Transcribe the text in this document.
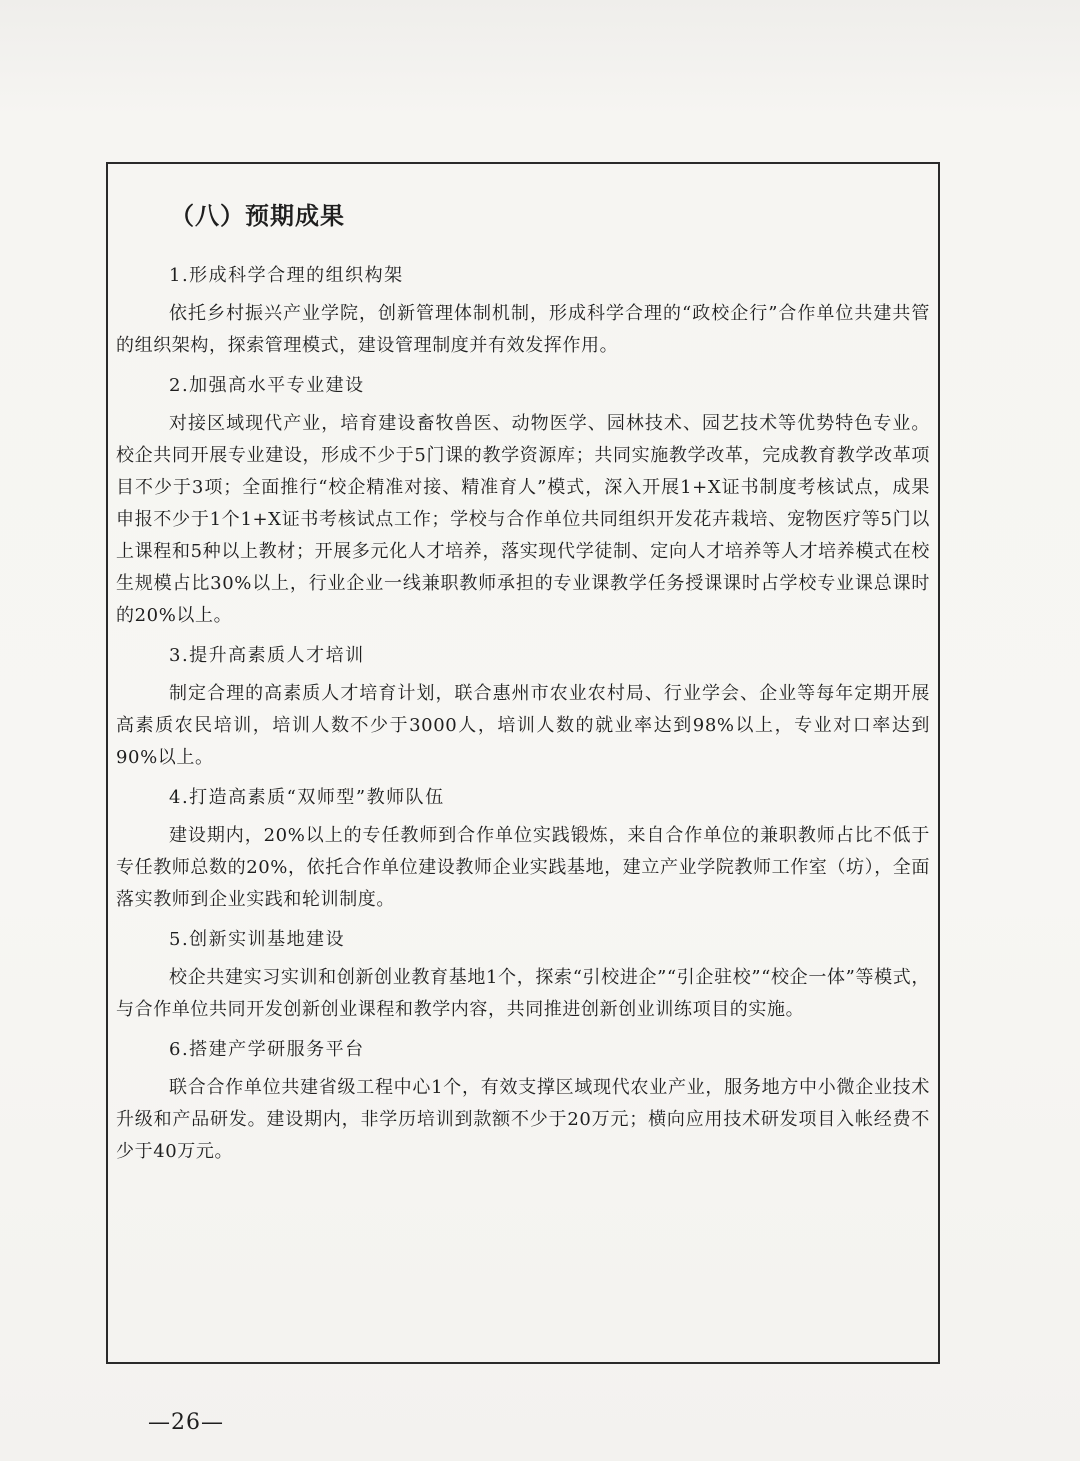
（八）预期成果
1.形成科学合理的组织构架
依托乡村振兴产业学院，创新管理体制机制，形成科学合理的“政校企行”合作单位共建共管的组织架构，探索管理模式，建设管理制度并有效发挥作用。
2.加强高水平专业建设
对接区域现代产业，培育建设畜牧兽医、动物医学、园林技术、园艺技术等优势特色专业。校企共同开展专业建设，形成不少于5门课的教学资源库；共同实施教学改革，完成教育教学改革项目不少于3项；全面推行“校企精准对接、精准育人”模式，深入开展1+X证书制度考核试点，成果申报不少于1个1+X证书考核试点工作；学校与合作单位共同组织开发花卉栽培、宠物医疗等5门以上课程和5种以上教材；开展多元化人才培养，落实现代学徒制、定向人才培养等人才培养模式在校生规模占比30%以上，行业企业一线兼职教师承担的专业课教学任务授课课时占学校专业课总课时的20%以上。
3.提升高素质人才培训
制定合理的高素质人才培育计划，联合惠州市农业农村局、行业学会、企业等每年定期开展高素质农民培训，培训人数不少于3000人，培训人数的就业率达到98%以上，专业对口率达到90%以上。
4.打造高素质“双师型”教师队伍
建设期内，20%以上的专任教师到合作单位实践锻炼，来自合作单位的兼职教师占比不低于专任教师总数的20%，依托合作单位建设教师企业实践基地，建立产业学院教师工作室（坊），全面落实教师到企业实践和轮训制度。
5.创新实训基地建设
校企共建实习实训和创新创业教育基地1个，探索“引校进企”“引企驻校”“校企一体”等模式，与合作单位共同开发创新创业课程和教学内容，共同推进创新创业训练项目的实施。
6.搭建产学研服务平台
联合合作单位共建省级工程中心1个，有效支撑区域现代农业产业，服务地方中小微企业技术升级和产品研发。建设期内，非学历培训到款额不少于20万元；横向应用技术研发项目入帐经费不少于40万元。
—26—
